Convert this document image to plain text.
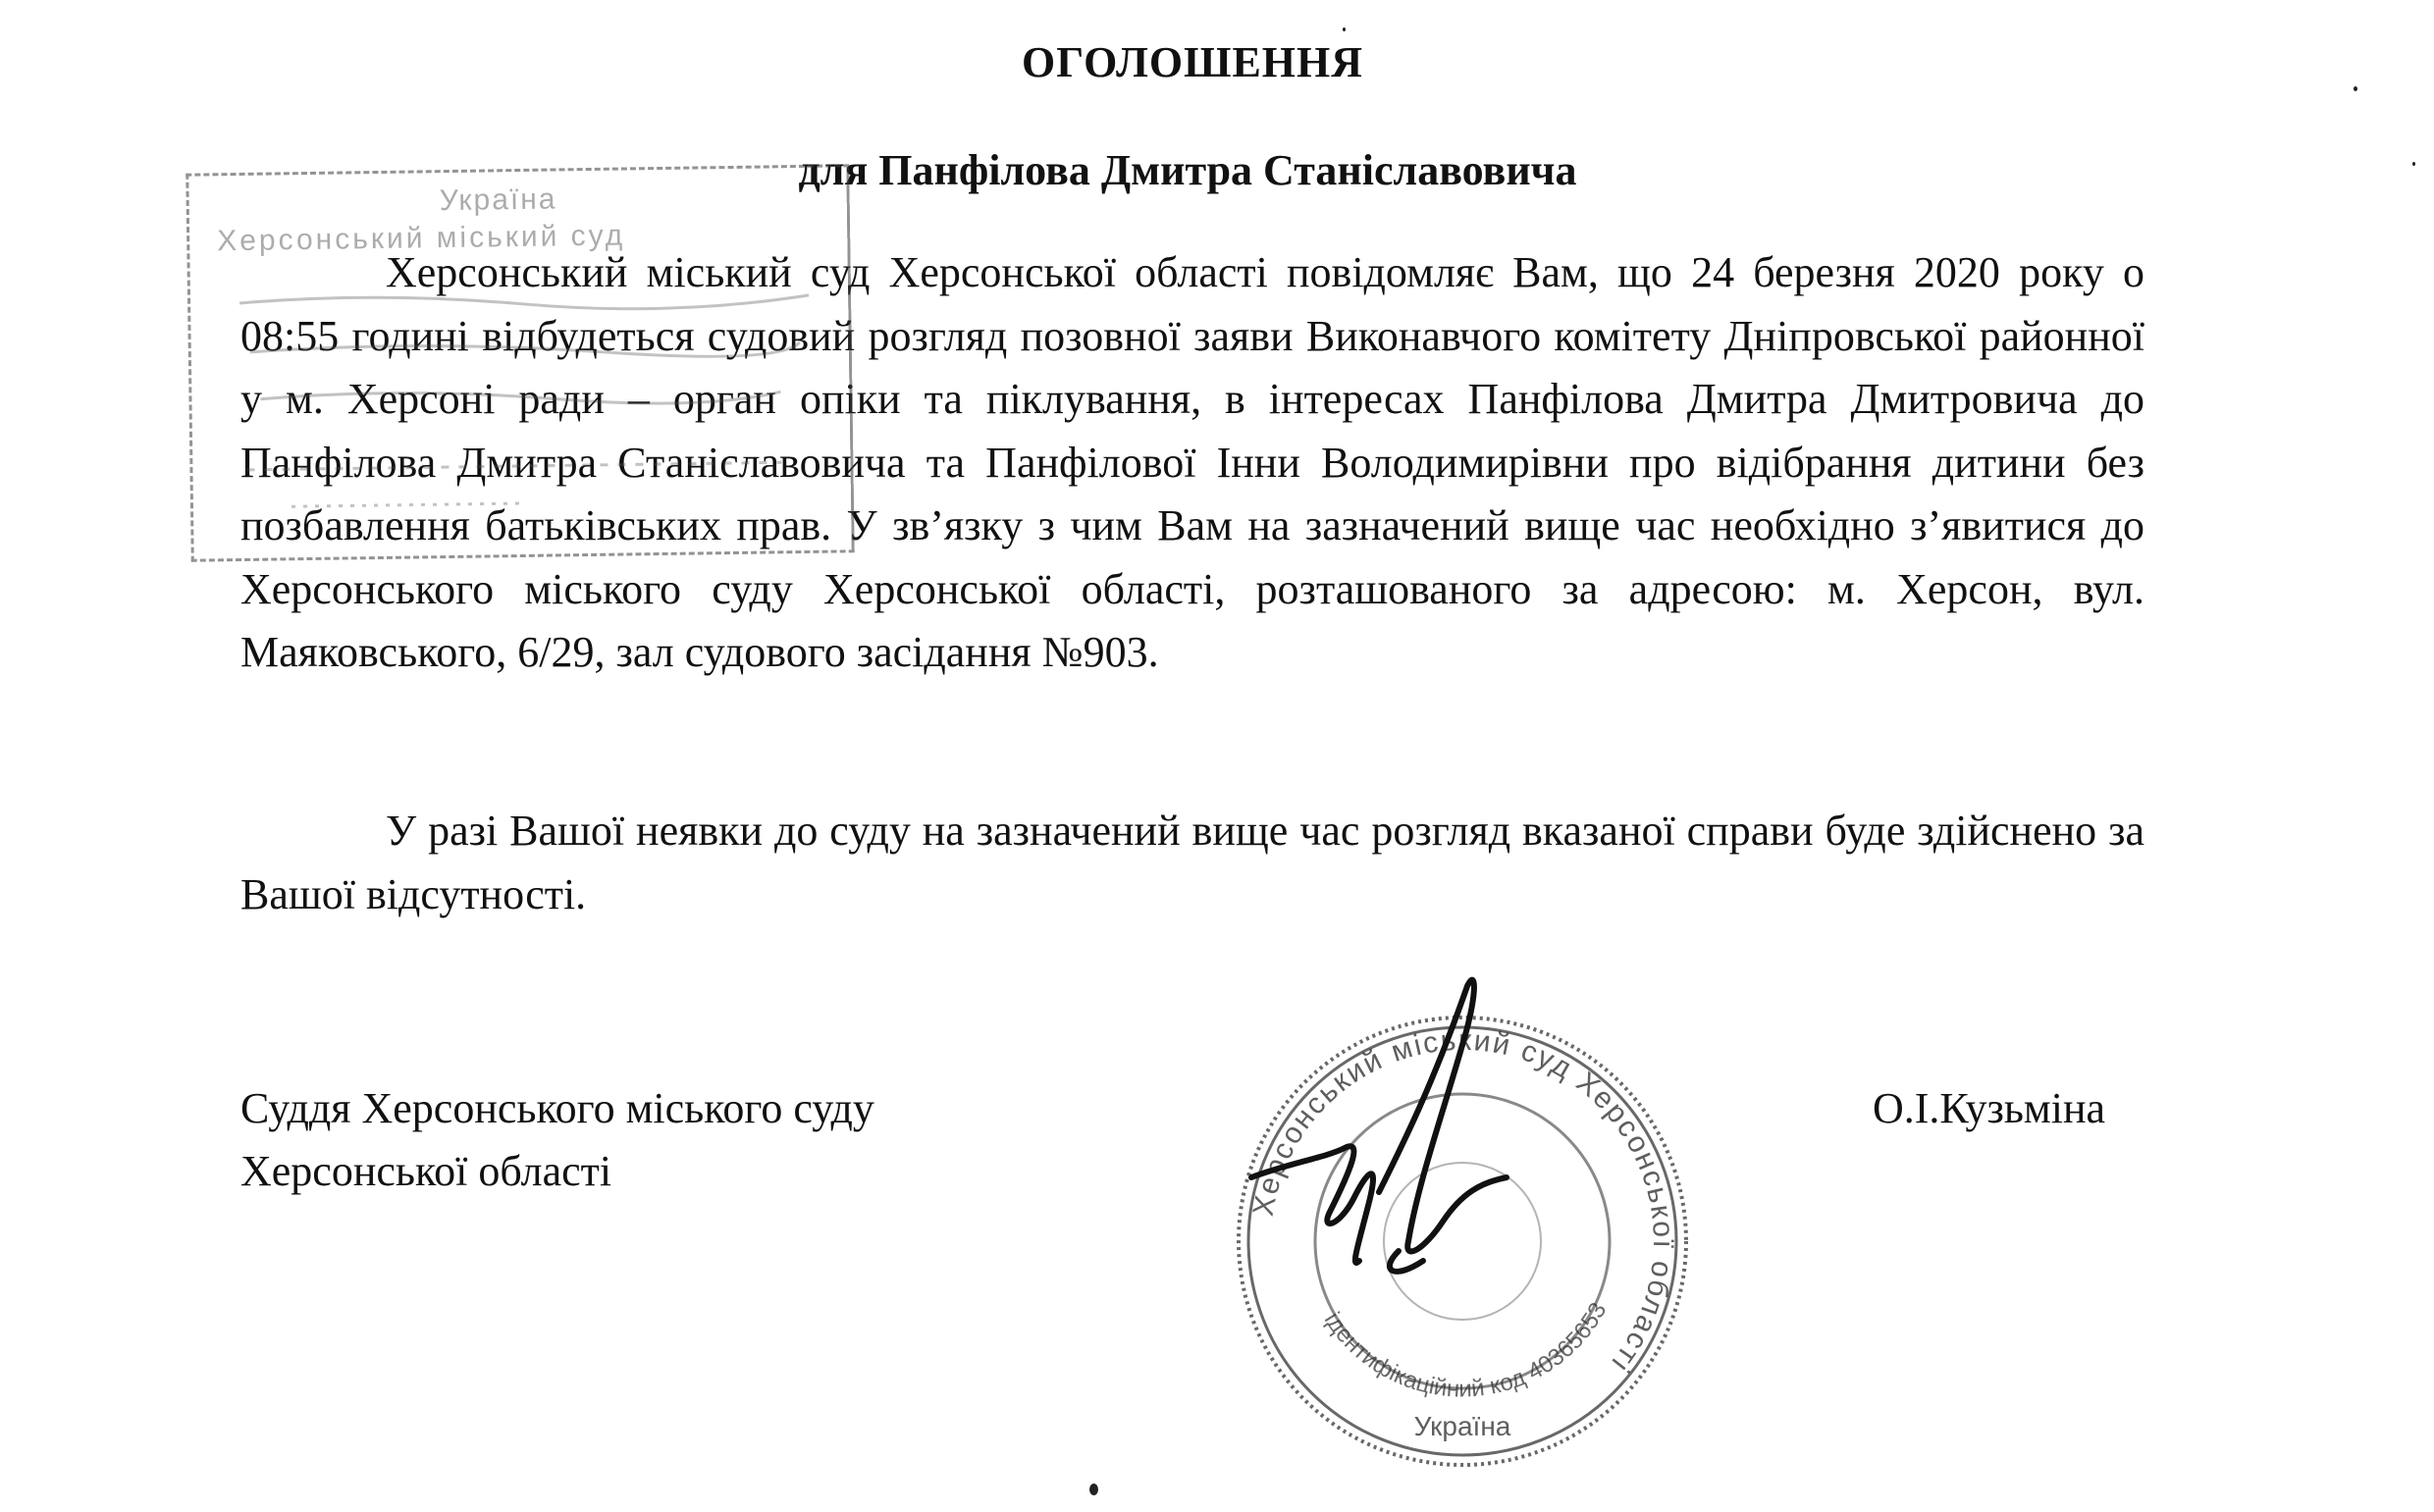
ОГОЛОШЕННЯ
для Панфілова Дмитра Станіславовича
Херсонський міський суд Херсонської області повідомляє Вам, що 24 березня 2020 року о 08:55 годині відбудеться судовий розгляд позовної заяви Виконавчого комітету Дніпровської районної у м. Херсоні ради – орган опіки та піклування, в інтересах Панфілова Дмитра Дмитровича до Панфілова Дмитра Станіславовича та Панфілової Інни Володимирівни про відібрання дитини без позбавлення батьківських прав. У зв’язку з чим Вам на зазначений вище час необхідно з’явитися до Херсонського міського суду Херсонської області, розташованого за адресою: м. Херсон, вул. Маяковського, 6/29, зал судового засідання №903.
У разі Вашої неявки до суду на зазначений вище час розгляд вказаної справи буде здійснено за Вашої відсутності.
Суддя Херсонського міського суду
Херсонської області
О.І.Кузьміна
Україна
Херсонський міський суд
Херсонський міський суд Херсонської області
ідентифікаційний код 40365653
Україна
